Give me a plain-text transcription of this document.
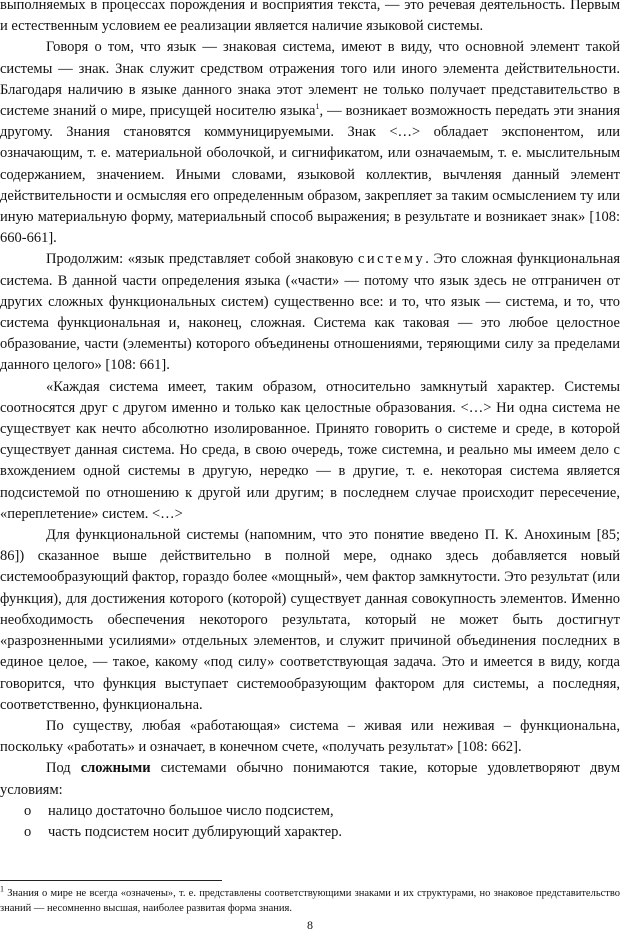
выполняемых в процессах порождения и восприятия текста, — это речевая деятельность. Первым и естественным условием ее реализации является наличие языковой системы.

Говоря о том, что язык — знаковая система, имеют в виду, что основной элемент такой системы — знак. Знак служит средством отражения того или иного элемента действительности. Благодаря наличию в языке данного знака этот элемент не только получает представительство в системе знаний о мире, присущей носителю языка$^1$, — возникает возможность передать эти знания другому. Знания становятся коммуницируемыми. Знак <…> обладает экспонентом, или означающим, т. е. материальной оболочкой, и сигнификатом, или означаемым, т. е. мыслительным содержанием, значением. Иными словами, языковой коллектив, вычленяя данный элемент действительности и осмысляя его определенным образом, закрепляет за таким осмыслением ту или иную материальную форму, материальный способ выражения; в результате и возникает знак» [108: 660-661].

Продолжим: «язык представляет собой знаковую систему. Это сложная функциональная система. В данной части определения языка («части» — потому что язык здесь не отграничен от других сложных функциональных систем) существенно все: и то, что язык — система, и то, что система функциональная и, наконец, сложная. Система как таковая — это любое целостное образование, части (элементы) которого объединены отношениями, теряющими силу за пределами данного целого» [108: 661].

«Каждая система имеет, таким образом, относительно замкнутый характер. Системы соотносятся друг с другом именно и только как целостные образования. <…> Ни одна система не существует как нечто абсолютно изолированное. Принято говорить о системе и среде, в которой существует данная система. Но среда, в свою очередь, тоже системна, и реально мы имеем дело с вхождением одной системы в другую, нередко — в другие, т. е. некоторая система является подсистемой по отношению к другой или другим; в последнем случае происходит пересечение, «переплетение» систем. <…>

Для функциональной системы (напомним, что это понятие введено П. К. Анохиным [85; 86]) сказанное выше действительно в полной мере, однако здесь добавляется новый системообразующий фактор, гораздо более «мощный», чем фактор замкнутости. Это результат (или функция), для достижения которого (которой) существует данная совокупность элементов. Именно необходимость обеспечения некоторого результата, который не может быть достигнут «разрозненными усилиями» отдельных элементов, и служит причиной объединения последних в единое целое, — такое, какому «под силу» соответствующая задача. Это и имеется в виду, когда говорится, что функция выступает системообразующим фактором для системы, а последняя, соответственно, функциональна.

По существу, любая «работающая» система – живая или неживая – функциональна, поскольку «работать» и означает, в конечном счете, «получать результат» [108: 662].

Под сложными системами обычно понимаются такие, которые удовлетворяют двум условиям:

o налицо достаточно большое число подсистем,
o часть подсистем носит дублирующий характер.
$^1$ Знания о мире не всегда «означены», т. е. представлены соответствующими знаками и их структурами, но знаковое представительство знаний — несомненно высшая, наиболее развитая форма знания.
8
